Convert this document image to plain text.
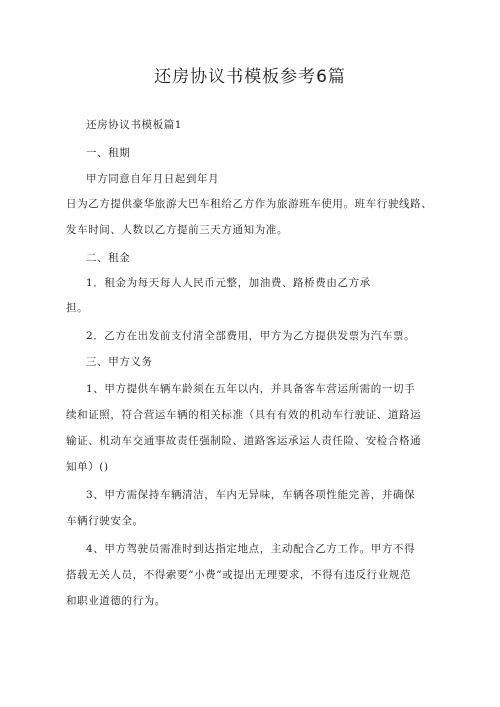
还房协议书模板参考6篇
还房协议书模板篇1
一、租期
甲方同意自年月日起到年月
日为乙方提供豪华旅游大巴车租给乙方作为旅游班车使用。班车行驶线路、
发车时间、人数以乙方提前三天方通知为准。
二、租金
1．租金为每天每人人民币元整，加油费、路桥费由乙方承
担。
2．乙方在出发前支付清全部费用，甲方为乙方提供发票为汽车票。
三、甲方义务
1、甲方提供车辆车龄须在五年以内，并具备客车营运所需的一切手
续和证照，符合营运车辆的相关标准（具有有效的机动车行驶证、道路运
输证、机动车交通事故责任强制险、道路客运承运人责任险、安检合格通
知单）()
3、甲方需保持车辆清洁，车内无异味，车辆各项性能完善，并确保
车辆行驶安全。
4、甲方驾驶员需准时到达指定地点，主动配合乙方工作。甲方不得
搭载无关人员，不得索要“小费”或提出无理要求，不得有违反行业规范
和职业道德的行为。
